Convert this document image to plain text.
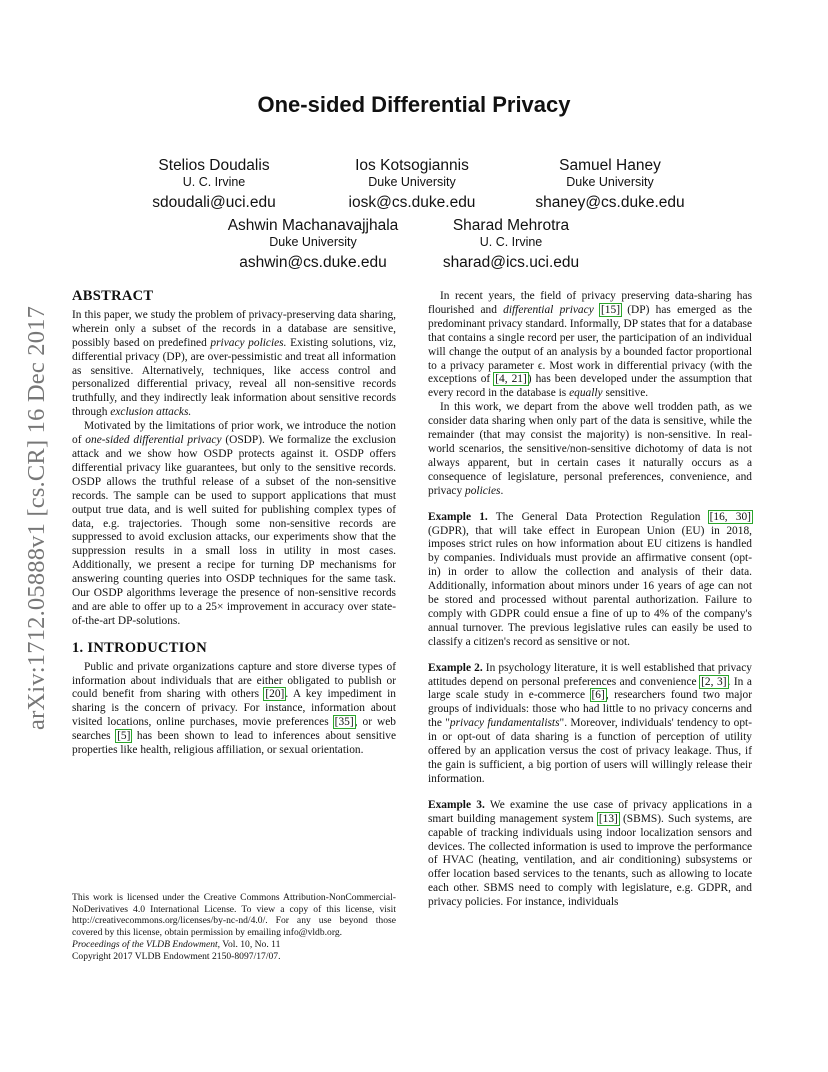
arXiv:1712.05888v1 [cs.CR] 16 Dec 2017
One-sided Differential Privacy
Stelios Doudalis
U. C. Irvine
sdoudali@uci.edu
Ios Kotsogiannis
Duke University
iosk@cs.duke.edu
Samuel Haney
Duke University
shaney@cs.duke.edu
Ashwin Machanavajjhala
Duke University
ashwin@cs.duke.edu
Sharad Mehrotra
U. C. Irvine
sharad@ics.uci.edu
ABSTRACT

In this paper, we study the problem of privacy-preserving data sharing, wherein only a subset of the records in a database are sensitive, possibly based on predefined privacy policies. Existing solutions, viz, differential privacy (DP), are over-pessimistic and treat all information as sensitive. Alternatively, techniques, like access control and personalized differential privacy, reveal all non-sensitive records truthfully, and they indirectly leak information about sensitive records through exclusion attacks.

Motivated by the limitations of prior work, we introduce the notion of one-sided differential privacy (OSDP). We formalize the exclusion attack and we show how OSDP protects against it. OSDP offers differential privacy like guarantees, but only to the sensitive records. OSDP allows the truthful release of a subset of the non-sensitive records. The sample can be used to support applications that must output true data, and is well suited for publishing complex types of data, e.g. trajectories. Though some non-sensitive records are suppressed to avoid exclusion attacks, our experiments show that the suppression results in a small loss in utility in most cases. Additionally, we present a recipe for turning DP mechanisms for answering counting queries into OSDP techniques for the same task. Our OSDP algorithms leverage the presence of non-sensitive records and are able to offer up to a 25× improvement in accuracy over state-of-the-art DP-solutions.

1. INTRODUCTION

Public and private organizations capture and store diverse types of information about individuals that are either obligated to publish or could benefit from sharing with others [20]. A key impediment in sharing is the concern of privacy. For instance, information about visited locations, online purchases, movie preferences [35], or web searches [5] has been shown to lead to inferences about sensitive properties like health, religious affiliation, or sexual orientation.

This work is licensed under the Creative Commons Attribution-NonCommercial-NoDerivatives 4.0 International License. To view a copy of this license, visit http://creativecommons.org/licenses/by-nc-nd/4.0/. For any use beyond those covered by this license, obtain permission by emailing info@vldb.org.

Proceedings of the VLDB Endowment, Vol. 10, No. 11

Copyright 2017 VLDB Endowment 2150-8097/17/07.

In recent years, the field of privacy preserving data-sharing has flourished and differential privacy [15] (DP) has emerged as the predominant privacy standard. Informally, DP states that for a database that contains a single record per user, the participation of an individual will change the output of an analysis by a bounded factor proportional to a privacy parameter ϵ. Most work in differential privacy (with the exceptions of [4, 21]) has been developed under the assumption that every record in the database is equally sensitive.

In this work, we depart from the above well trodden path, as we consider data sharing when only part of the data is sensitive, while the remainder (that may consist the majority) is non-sensitive. In real-world scenarios, the sensitive/non-sensitive dichotomy of data is not always apparent, but in certain cases it naturally occurs as a consequence of legislature, personal preferences, convenience, and privacy policies.

Example 1. The General Data Protection Regulation [16, 30] (GDPR), that will take effect in European Union (EU) in 2018, imposes strict rules on how information about EU citizens is handled by companies. Individuals must provide an affirmative consent (opt-in) in order to allow the collection and analysis of their data. Additionally, information about minors under 16 years of age can not be stored and processed without parental authorization. Failure to comply with GDPR could ensue a fine of up to 4% of the company's annual turnover. The previous legislative rules can easily be used to classify a citizen's record as sensitive or not.

Example 2. In psychology literature, it is well established that privacy attitudes depend on personal preferences and convenience [2, 3]. In a large scale study in e-commerce [6], researchers found two major groups of individuals: those who had little to no privacy concerns and the "privacy fundamentalists". Moreover, individuals' tendency to opt-in or opt-out of data sharing is a function of perception of utility offered by an application versus the cost of privacy leakage. Thus, if the gain is sufficient, a big portion of users will willingly release their information.

Example 3. We examine the use case of privacy applications in a smart building management system [13] (SBMS). Such systems, are capable of tracking individuals using indoor localization sensors and devices. The collected information is used to improve the performance of HVAC (heating, ventilation, and air conditioning) subsystems or offer location based services to the tenants, such as allowing to locate each other. SBMS need to comply with legislature, e.g. GDPR, and privacy policies. For instance, individuals
